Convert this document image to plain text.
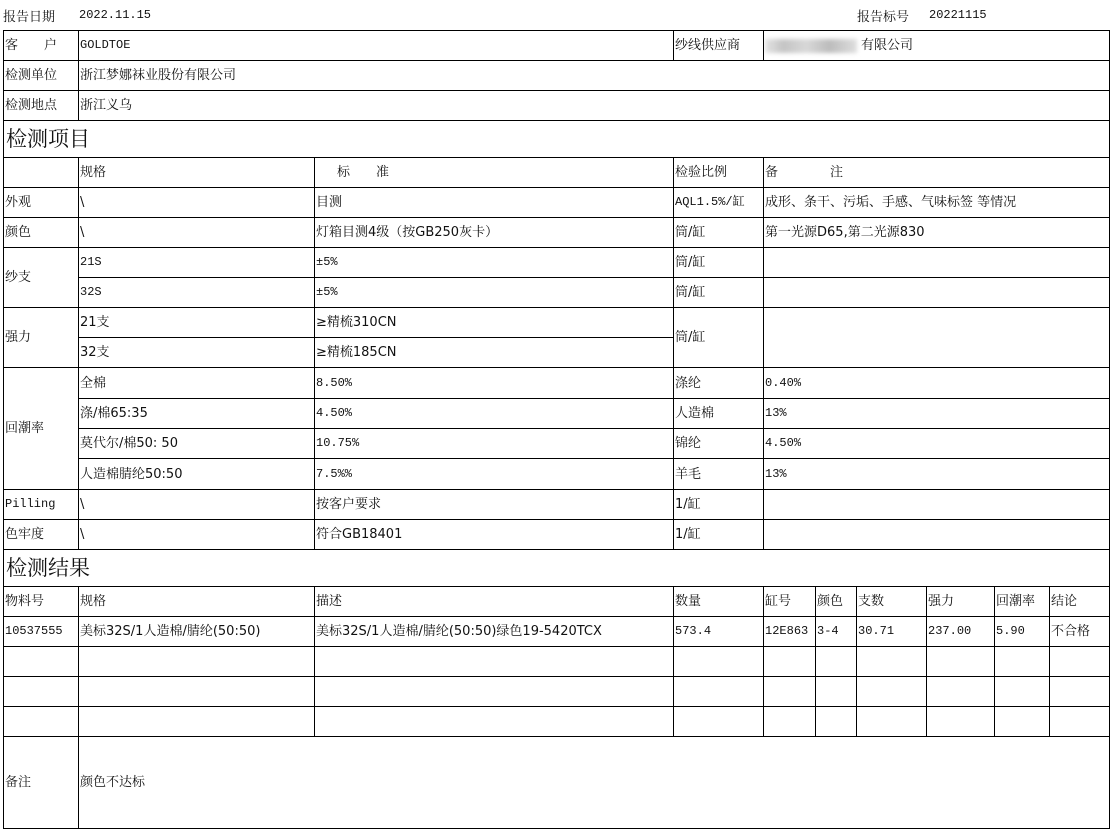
报告日期 2022.11.15	报告标号 20221115
客　　户	GOLDTOE		纱线供应商	有限公司					
检测单位	浙江梦娜袜业股份有限公司								
检测地点	浙江义乌								
检测项目									
	规格	标　　准	检验比例	备　　　　注					
外观	\	目测	AQL1.5%/缸	成形、条干、污垢、手感、气味标签 等情况					
颜色	\	灯箱目测4级（按GB250灰卡）	筒/缸	第一光源D65,第二光源830					
纱支	21S	±5%	筒/缸						
	32S	±5%	筒/缸						
强力	21支	≥精梳310CN	筒/缸						
	32支	≥精梳185CN							
回潮率	全棉	8.50%	涤纶	0.40%					
	涤/棉65:35	4.50%	人造棉	13%					
	莫代尔/棉50: 50	10.75%	锦纶	4.50%					
	人造棉腈纶50:50	7.5%%	羊毛	13%					
Pilling	\	按客户要求	1/缸						
色牢度	\	符合GB18401	1/缸						
检测结果									
物料号	规格	描述	数量	缸号	颜色	支数	强力	回潮率	结论
10537555	美标32S/1人造棉/腈纶(50:50)	美标32S/1人造棉/腈纶(50:50)绿色19-5420TCX	573.4	12E863	3-4	30.71	237.00	5.90	不合格

备注	颜色不达标								
